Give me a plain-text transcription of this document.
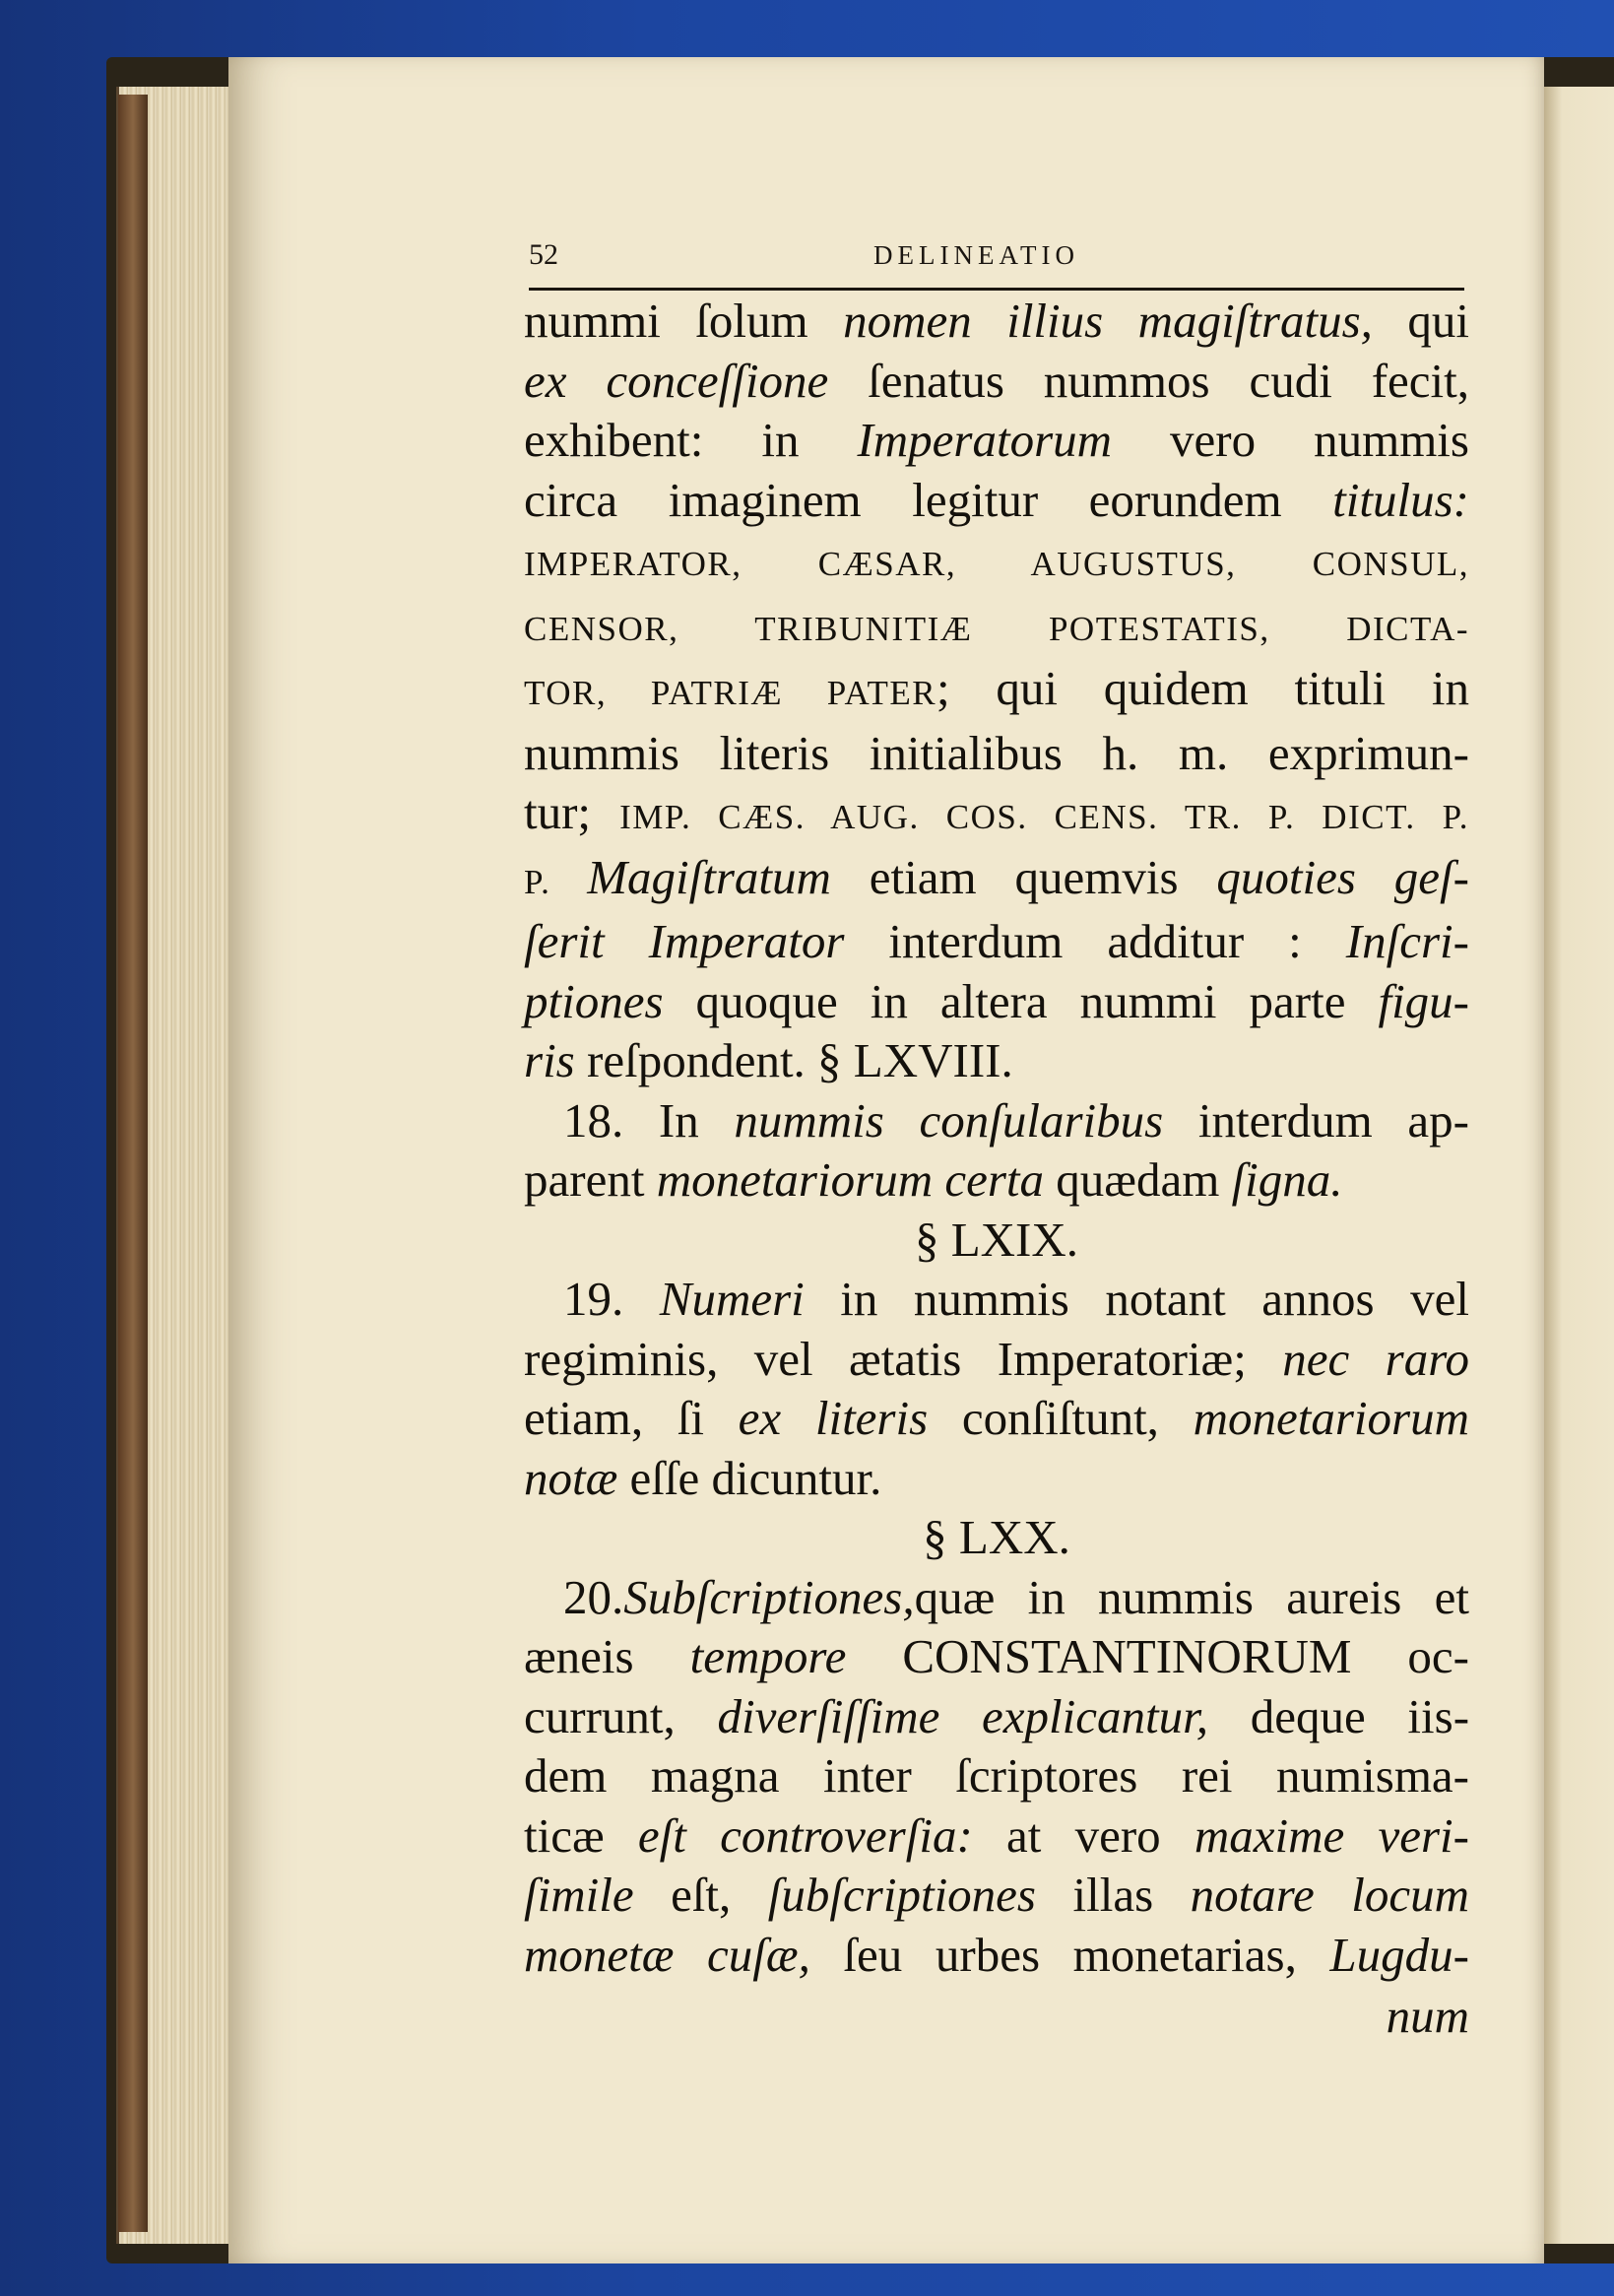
52	DELINEATIO
nummi ſolum nomen illius magiſtratus, qui
ex conceſſione ſenatus nummos cudi fecit,
exhibent: in Imperatorum vero nummis
circa imaginem legitur eorundem titulus:
IMPERATOR, CÆSAR, AUGUSTUS, CONSUL,
CENSOR, TRIBUNITIÆ POTESTATIS, DICTA-
TOR, PATRIÆ PATER; qui quidem tituli in
nummis literis initialibus h. m. exprimun-
tur; IMP. CÆS. AUG. COS. CENS. TR. P. DICT. P.
P. Magiſtratum etiam quemvis quoties geſ-
ſerit Imperator interdum additur : Inſcri-
ptiones quoque in altera nummi parte figu-
ris reſpondent. § LXVIII.
18. In nummis conſularibus interdum ap-
parent monetariorum certa quædam ſigna.
§ LXIX.
19. Numeri in nummis notant annos vel
regiminis, vel ætatis Imperatoriæ; nec raro
etiam, ſi ex literis conſiſtunt, monetariorum
notæ eſſe dicuntur.
§ LXX.
20.Subſcriptiones,quæ in nummis aureis et
æneis tempore CONSTANTINORUM oc-
currunt, diverſiſſime explicantur, deque iis-
dem magna inter ſcriptores rei numisma-
ticæ eſt controverſia: at vero maxime veri-
ſimile eſt, ſubſcriptiones illas notare locum
monetæ cuſæ, ſeu urbes monetarias, Lugdu-
num
